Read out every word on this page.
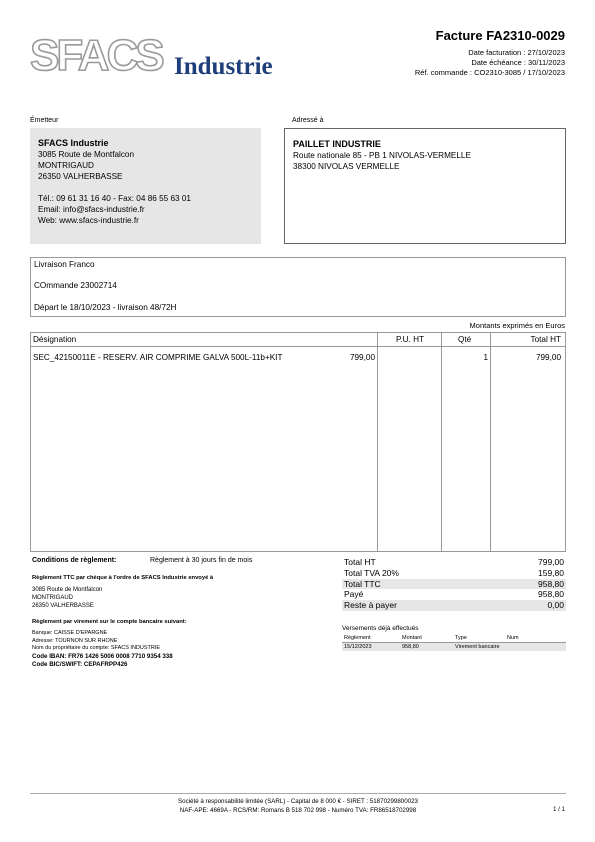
SFACS Industrie
Facture FA2310-0029
Date facturation : 27/10/2023
Date échéance : 30/11/2023
Réf. commande : CO2310-3085 / 17/10/2023
Émetteur	Adressé à
SFACS Industrie
3085 Route de Montfalcon
MONTRIGAUD
26350 VALHERBASSE
Tél.: 09 61 31 16 40 - Fax: 04 86 55 63 01
Email: info@sfacs-industrie.fr
Web: www.sfacs-industrie.fr
PAILLET INDUSTRIE
Route nationale 85 - PB 1 NIVOLAS-VERMELLE
38300 NIVOLAS VERMELLE
Livraison Franco
COmmande 23002714
Départ le 18/10/2023 - livraison 48/72H
Montants exprimés en Euros
Désignation	P.U. HT	Qté	Total HT
SEC_42150011E - RESERV. AIR COMPRIME GALVA 500L-11b+KIT	799,00	1	799,00
Conditions de règlement:	Règlement à 30 jours fin de mois
Règlement TTC par chèque à l'ordre de SFACS Industrie envoyé à
3085 Route de Montfalcon
MONTRIGAUD
26350 VALHERBASSE
Règlement par virement sur le compte bancaire suivant:
Banque: CAISSE D'EPARGNE
Adresse: TOURNON SUR RHONE
Nom du propriétaire du compte: SFACS INDUSTRIE
Code IBAN: FR76 1426 5006 0008 7710 9354 338
Code BIC/SWIFT: CEPAFRPP426
Total HT	799,00
Total TVA 20%	159,80
Total TTC	958,80
Payé	958,80
Reste à payer	0,00
Versements déjà effectués
Règlement	Montant	Type	Num
15/12/2023	958,80	Virement bancaire
Société à responsabilité limitée (SARL) - Capital de 8 000 € - SIRET : 51870299800023
NAF-APE: 4669A - RCS/RM: Romans B 518 702 998 - Numéro TVA: FR86518702998	1 / 1
